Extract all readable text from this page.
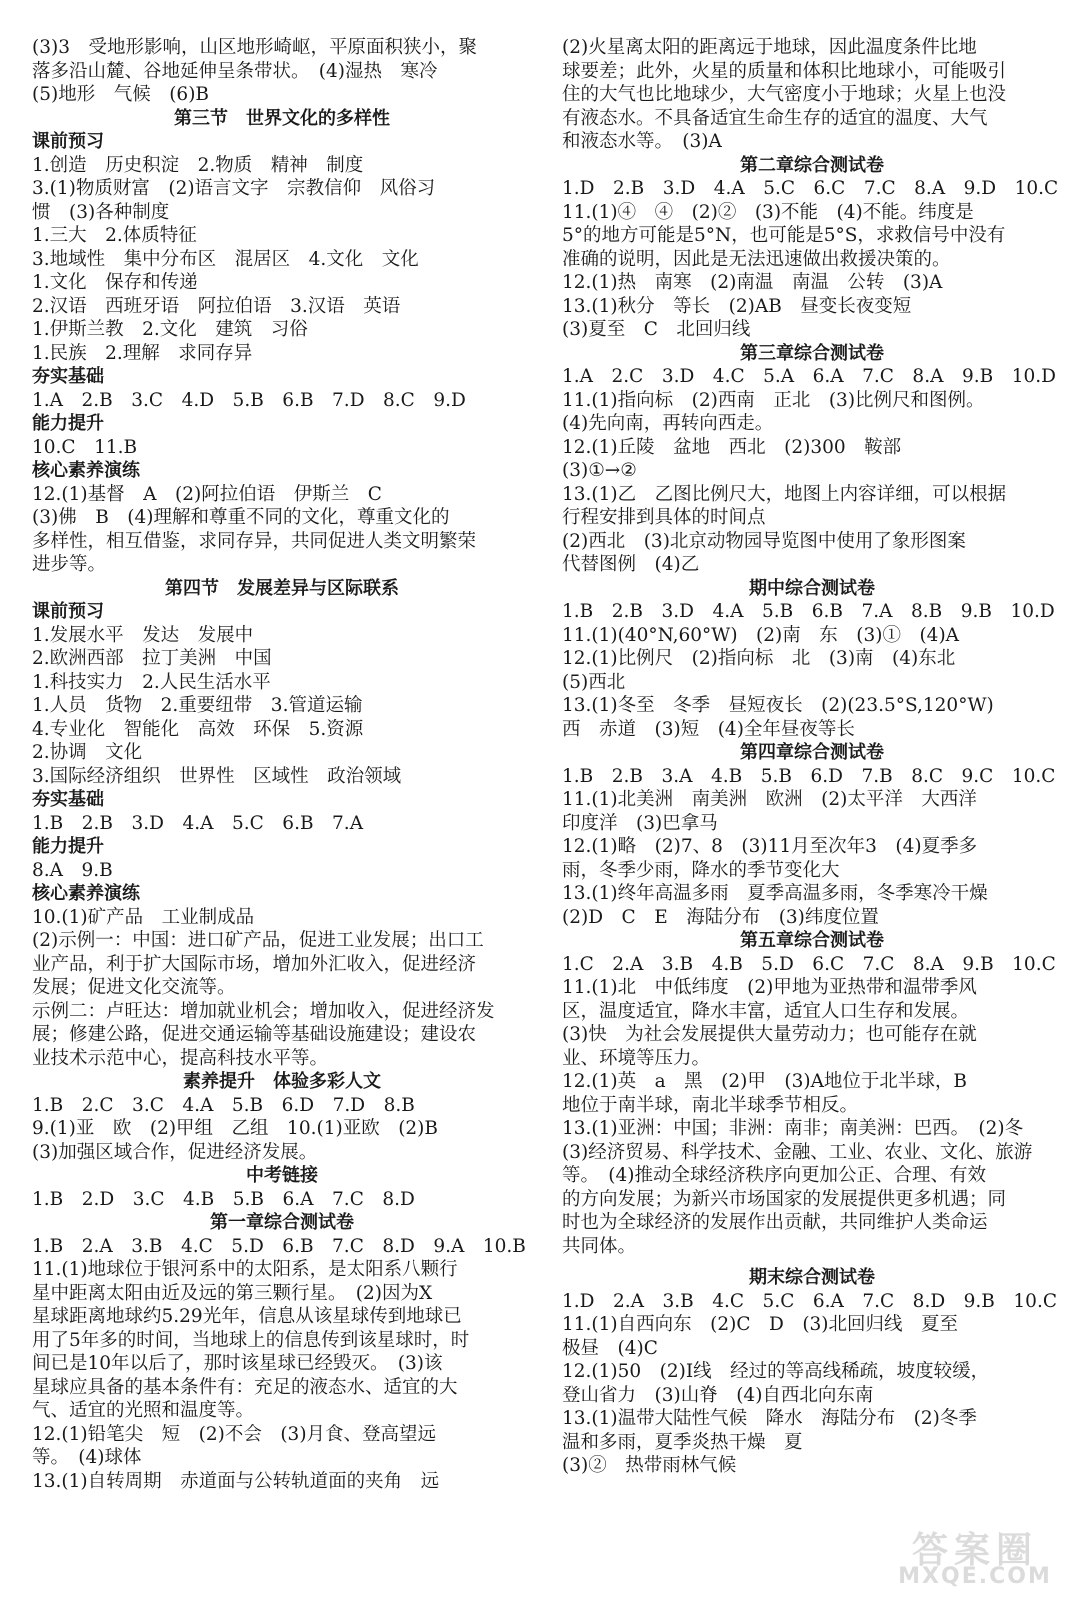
(3)3　受地形影响，山区地形崎岖，平原面积狭小，聚
落多沿山麓、谷地延伸呈条带状。　(4)湿热　寒冷
(5)地形　气候　(6)B
第三节　世界文化的多样性
课前预习
1.创造　历史积淀　2.物质　精神　制度
3.(1)物质财富　(2)语言文字　宗教信仰　风俗习
惯　(3)各种制度
1.三大　2.体质特征
3.地域性　集中分布区　混居区　4.文化　文化
1.文化　保存和传递
2.汉语　西班牙语　阿拉伯语　3.汉语　英语
1.伊斯兰教　2.文化　建筑　习俗
1.民族　2.理解　求同存异
夯实基础
1.A　2.B　3.C　4.D　5.B　6.B　7.D　8.C　9.D
能力提升
10.C　11.B
核心素养演练
12.(1)基督　A　(2)阿拉伯语　伊斯兰　C
(3)佛　B　(4)理解和尊重不同的文化，尊重文化的
多样性，相互借鉴，求同存异，共同促进人类文明繁荣
进步等。
第四节　发展差异与区际联系
课前预习
1.发展水平　发达　发展中
2.欧洲西部　拉丁美洲　中国
1.科技实力　2.人民生活水平
1.人员　货物　2.重要纽带　3.管道运输
4.专业化　智能化　高效　环保　5.资源
2.协调　文化
3.国际经济组织　世界性　区域性　政治领域
夯实基础
1.B　2.B　3.D　4.A　5.C　6.B　7.A
能力提升
8.A　9.B
核心素养演练
10.(1)矿产品　工业制成品
(2)示例一：中国：进口矿产品，促进工业发展；出口工
业产品，利于扩大国际市场，增加外汇收入，促进经济
发展；促进文化交流等。
示例二：卢旺达：增加就业机会；增加收入，促进经济发
展；修建公路，促进交通运输等基础设施建设；建设农
业技术示范中心，提高科技水平等。
素养提升　体验多彩人文
1.B　2.C　3.C　4.A　5.B　6.D　7.D　8.B
9.(1)亚　欧　(2)甲组　乙组　10.(1)亚欧　(2)B
(3)加强区域合作，促进经济发展。
中考链接
1.B　2.D　3.C　4.B　5.B　6.A　7.C　8.D
第一章综合测试卷
1.B　2.A　3.B　4.C　5.D　6.B　7.C　8.D　9.A　10.B
11.(1)地球位于银河系中的太阳系，是太阳系八颗行
星中距离太阳由近及远的第三颗行星。　(2)因为X
星球距离地球约5.29光年，信息从该星球传到地球已
用了5年多的时间，当地球上的信息传到该星球时，时
间已是10年以后了，那时该星球已经毁灭。　(3)该
星球应具备的基本条件有：充足的液态水、适宜的大
气、适宜的光照和温度等。
12.(1)铅笔尖　短　(2)不会　(3)月食、登高望远
等。　(4)球体
13.(1)自转周期　赤道面与公转轨道面的夹角　远
(2)火星离太阳的距离远于地球，因此温度条件比地
球要差；此外，火星的质量和体积比地球小，可能吸引
住的大气也比地球少，大气密度小于地球；火星上也没
有液态水。不具备适宜生命生存的适宜的温度、大气
和液态水等。　(3)A
第二章综合测试卷
1.D　2.B　3.D　4.A　5.C　6.C　7.C　8.A　9.D　10.C
11.(1)④　④　(2)②　(3)不能　(4)不能。纬度是
5°的地方可能是5°N，也可能是5°S，求救信号中没有
准确的说明，因此是无法迅速做出救援决策的。
12.(1)热　南寒　(2)南温　南温　公转　(3)A
13.(1)秋分　等长　(2)AB　昼变长夜变短
(3)夏至　C　北回归线
第三章综合测试卷
1.A　2.C　3.D　4.C　5.A　6.A　7.C　8.A　9.B　10.D
11.(1)指向标　(2)西南　正北　(3)比例尺和图例。
(4)先向南，再转向西走。
12.(1)丘陵　盆地　西北　(2)300　鞍部
(3)①→②
13.(1)乙　乙图比例尺大，地图上内容详细，可以根据
行程安排到具体的时间点
(2)西北　(3)北京动物园导览图中使用了象形图案
代替图例　(4)乙
期中综合测试卷
1.B　2.B　3.D　4.A　5.B　6.B　7.A　8.B　9.B　10.D
11.(1)(40°N,60°W)　(2)南　东　(3)①　(4)A
12.(1)比例尺　(2)指向标　北　(3)南　(4)东北
(5)西北
13.(1)冬至　冬季　昼短夜长　(2)(23.5°S,120°W)
西　赤道　(3)短　(4)全年昼夜等长
第四章综合测试卷
1.B　2.B　3.A　4.B　5.B　6.D　7.B　8.C　9.C　10.C
11.(1)北美洲　南美洲　欧洲　(2)太平洋　大西洋
印度洋　(3)巴拿马
12.(1)略　(2)7、8　(3)11月至次年3　(4)夏季多
雨，冬季少雨，降水的季节变化大
13.(1)终年高温多雨　夏季高温多雨，冬季寒冷干燥
(2)D　C　E　海陆分布　(3)纬度位置
第五章综合测试卷
1.C　2.A　3.B　4.B　5.D　6.C　7.C　8.A　9.B　10.C
11.(1)北　中低纬度　(2)甲地为亚热带和温带季风
区，温度适宜，降水丰富，适宜人口生存和发展。
(3)快　为社会发展提供大量劳动力；也可能存在就
业、环境等压力。
12.(1)英　a　黑　(2)甲　(3)A地位于北半球，B
地位于南半球，南北半球季节相反。
13.(1)亚洲：中国；非洲：南非；南美洲：巴西。　(2)冬
(3)经济贸易、科学技术、金融、工业、农业、文化、旅游
等。　(4)推动全球经济秩序向更加公正、合理、有效
的方向发展；为新兴市场国家的发展提供更多机遇；同
时也为全球经济的发展作出贡献，共同维护人类命运
共同体。
期末综合测试卷
1.D　2.A　3.B　4.C　5.C　6.A　7.C　8.D　9.B　10.C
11.(1)自西向东　(2)C　D　(3)北回归线　夏至
极昼　(4)C
12.(1)50　(2)Ⅰ线　经过的等高线稀疏，坡度较缓，
登山省力　(3)山脊　(4)自西北向东南
13.(1)温带大陆性气候　降水　海陆分布　(2)冬季
温和多雨，夏季炎热干燥　夏
(3)②　热带雨林气候
答案圈
MXQE.COM
